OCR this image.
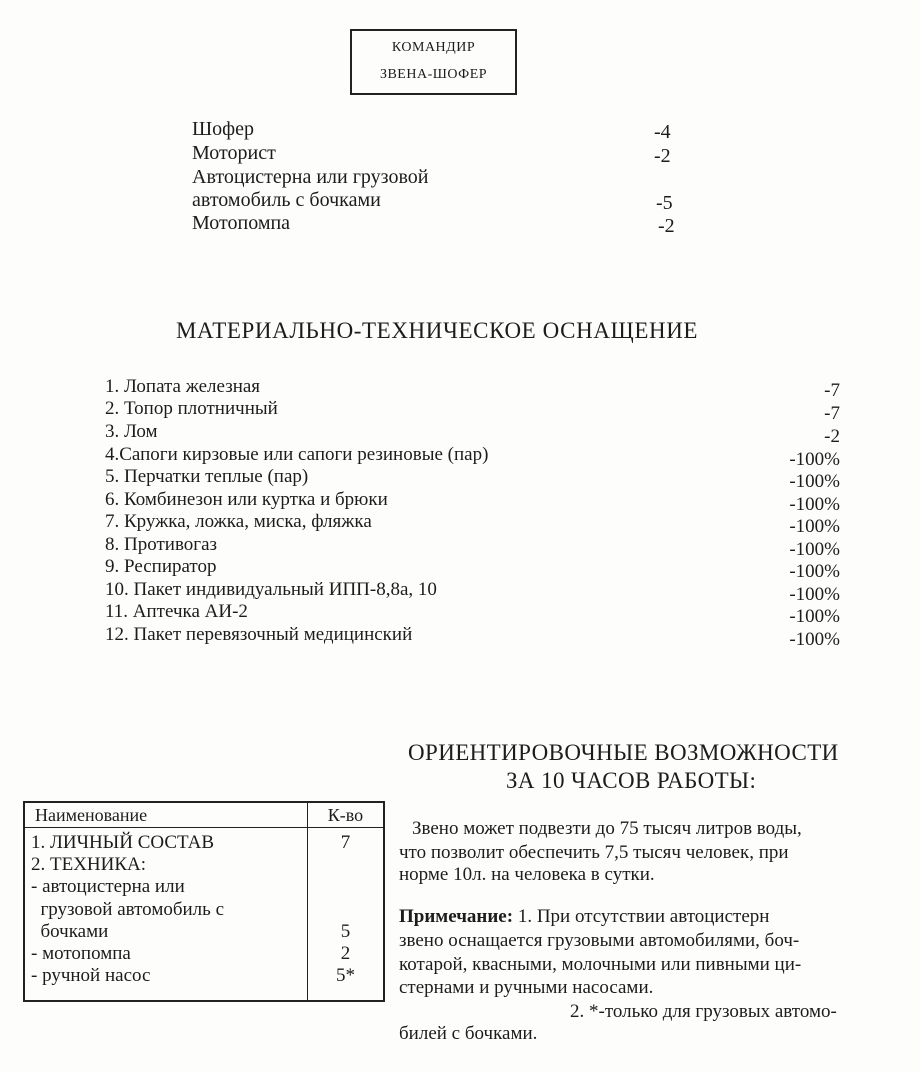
КОМАНДИР
ЗВЕНА-ШОФЕР
Шофер	-4
Моторист	-2
Автоцистерна или грузовой
автомобиль с бочками	-5
Мотопомпа	-2
МАТЕРИАЛЬНО-ТЕХНИЧЕСКОЕ ОСНАЩЕНИЕ
1. Лопата железная	-7
2. Топор плотничный	-7
3. Лом	-2
4.Сапоги кирзовые или сапоги резиновые (пар)	-100%
5. Перчатки теплые (пар)	-100%
6. Комбинезон или куртка и брюки	-100%
7. Кружка, ложка, миска, фляжка	-100%
8. Противогаз	-100%
9. Респиратор	-100%
10. Пакет индивидуальный ИПП-8,8а, 10	-100%
11. Аптечка АИ-2	-100%
12. Пакет перевязочный медицинский	-100%
ОРИЕНТИРОВОЧНЫЕ ВОЗМОЖНОСТИ
ЗА 10 ЧАСОВ РАБОТЫ:
Наименование	К-во
1. ЛИЧНЫЙ СОСТАВ	7
2. ТЕХНИКА:	
- автоцистерна или	
грузовой автомобиль с	
бочками	5
- мотопомпа	2
- ручной насос	5*
Звено может подвезти до 75 тысяч литров воды,
что позволит обеспечить 7,5 тысяч человек, при
норме 10л. на человека в сутки.
Примечание: 1. При отсутствии автоцистерн
звено оснащается грузовыми автомобилями, боч-
котарой, квасными, молочными или пивными ци-
стернами и ручными насосами.
2. *-только для грузовых автомо-
билей с бочками.
